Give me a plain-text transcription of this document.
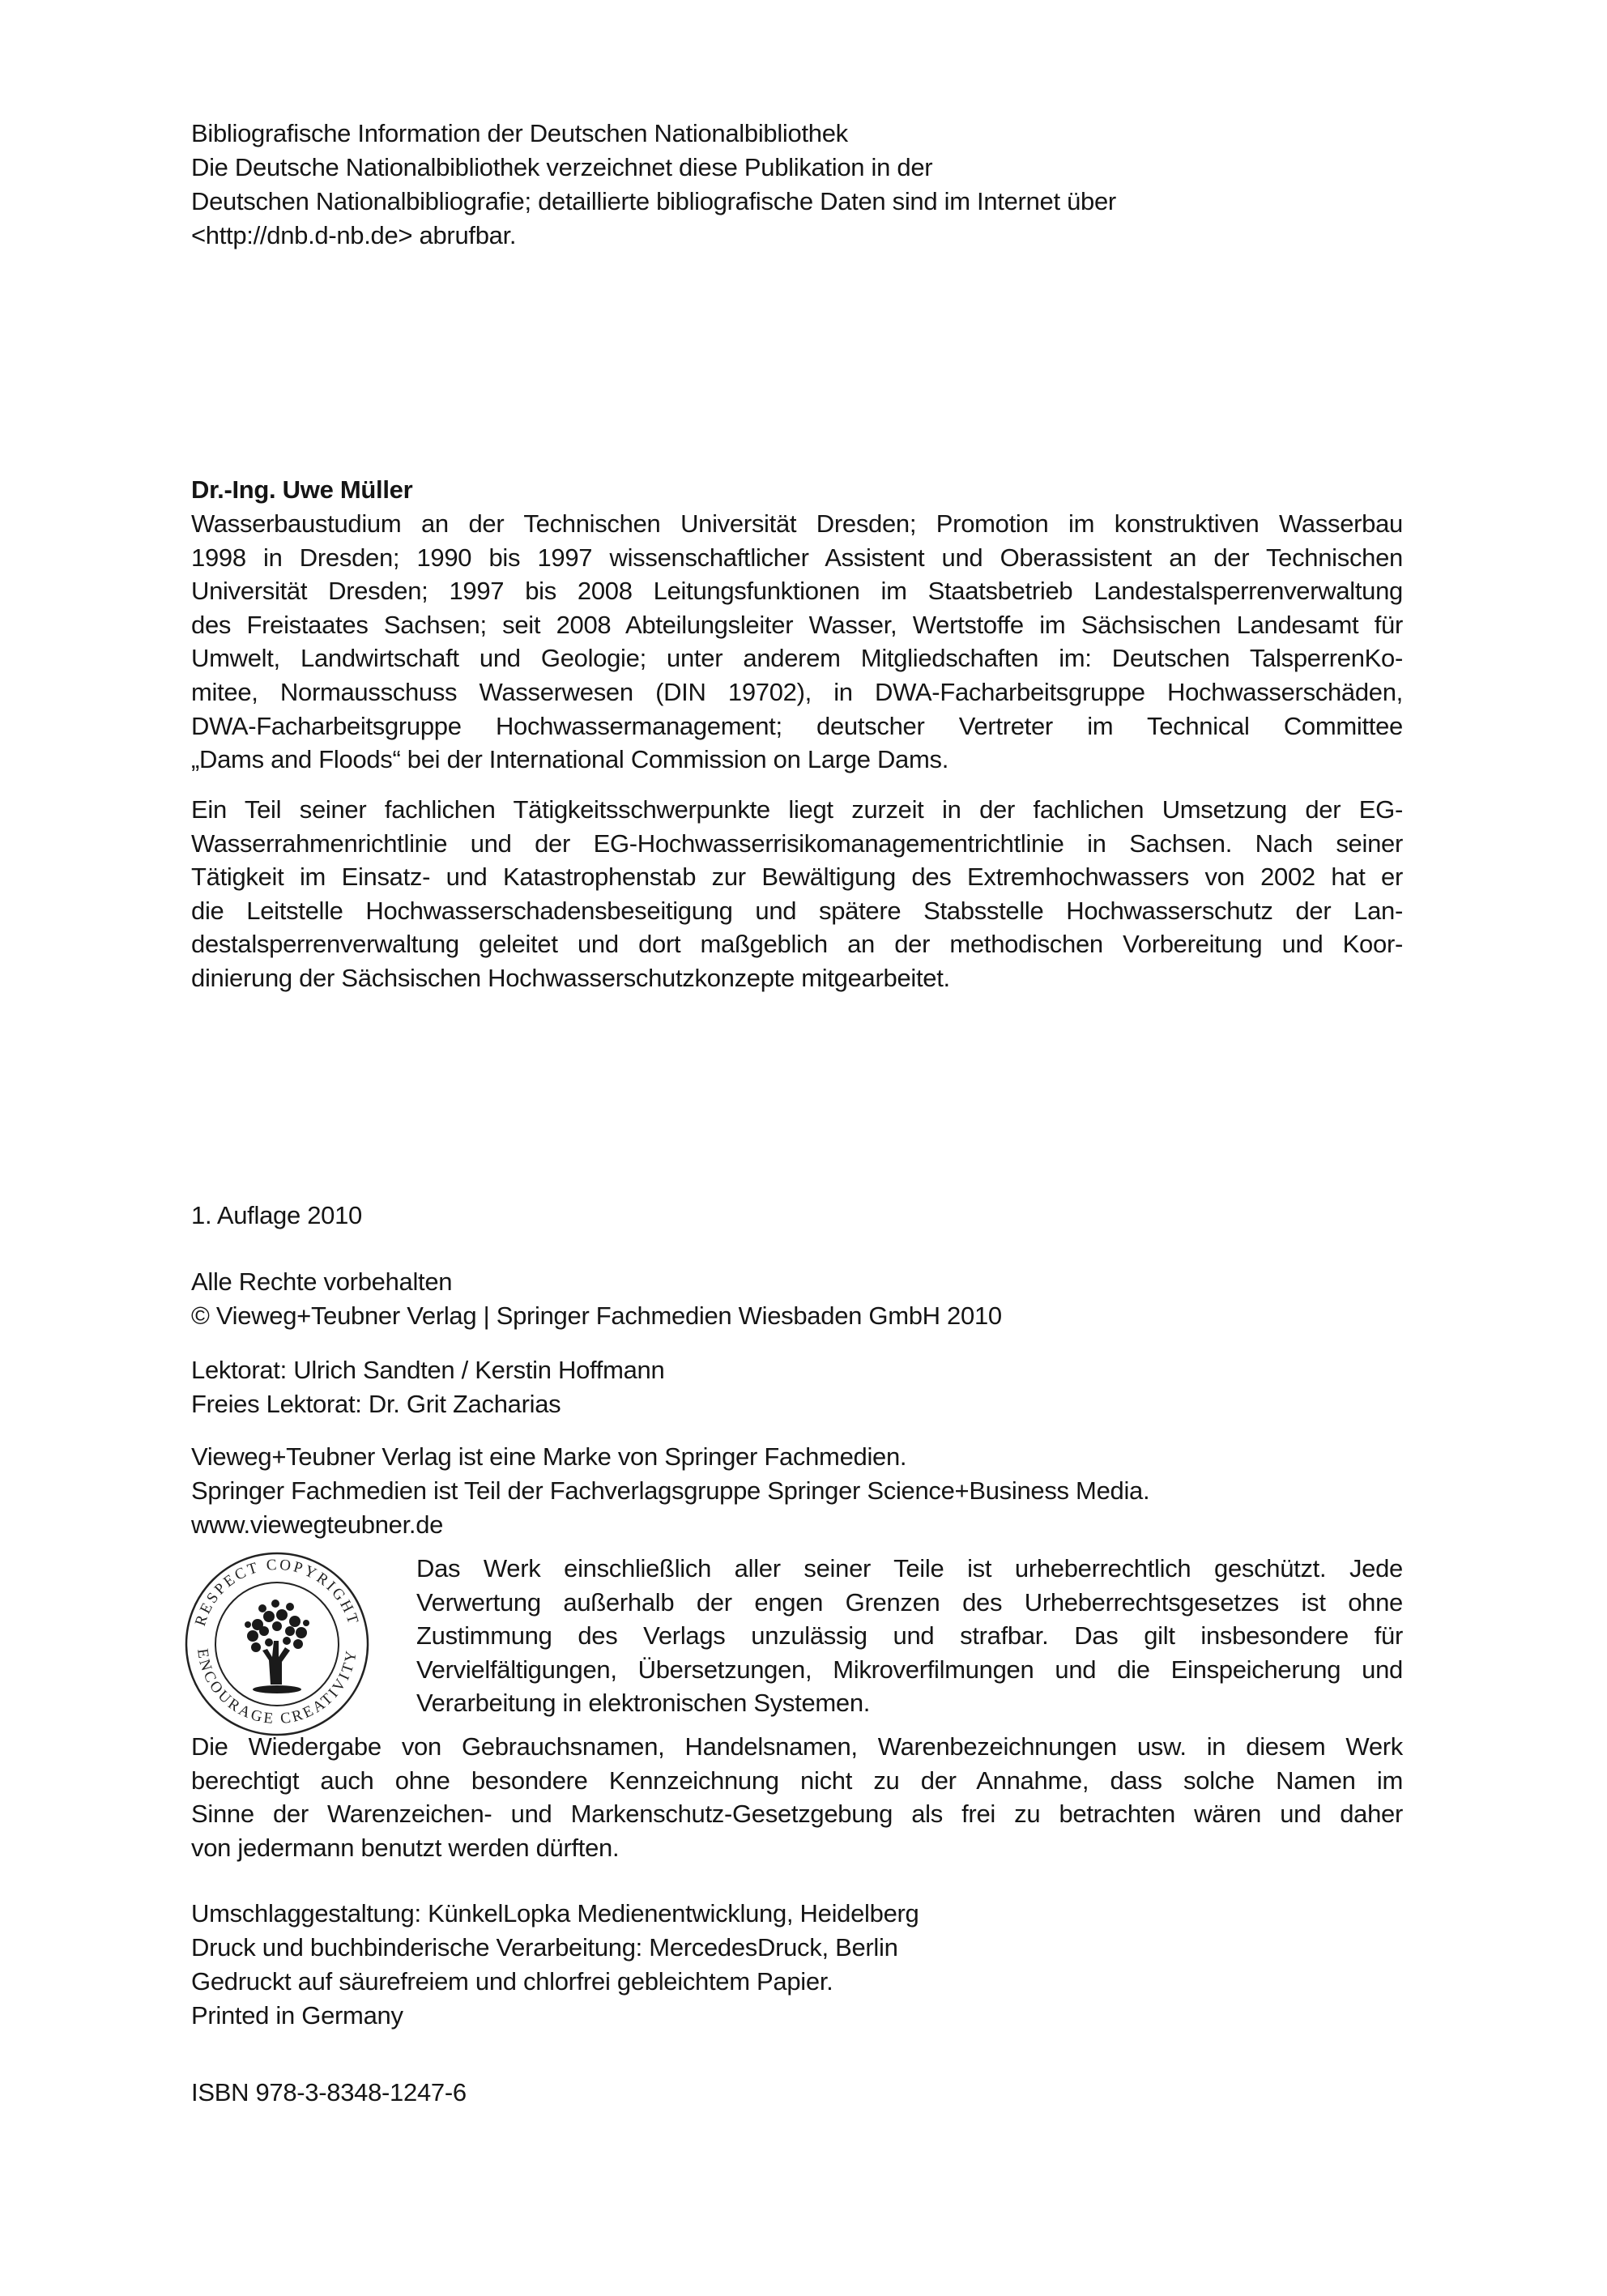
Bibliografische Information der Deutschen Nationalbibliothek
Die Deutsche Nationalbibliothek verzeichnet diese Publikation in der
Deutschen Nationalbibliografie; detaillierte bibliografische Daten sind im Internet über
<http://dnb.d-nb.de> abrufbar.
Dr.-Ing. Uwe Müller
Wasserbaustudium an der Technischen Universität Dresden; Promotion im konstruktiven Wasserbau
1998 in Dresden; 1990 bis 1997 wissenschaftlicher Assistent und Oberassistent an der Technischen
Universität Dresden; 1997 bis 2008 Leitungsfunktionen im Staatsbetrieb Landestalsperrenverwaltung
des Freistaates Sachsen; seit 2008 Abteilungsleiter Wasser, Wertstoffe im Sächsischen Landesamt für
Umwelt, Landwirtschaft und Geologie; unter anderem Mitgliedschaften im: Deutschen TalsperrenKo-
mitee, Normausschuss Wasserwesen (DIN 19702), in DWA-Facharbeitsgruppe Hochwasserschäden,
DWA-Facharbeitsgruppe Hochwassermanagement; deutscher Vertreter im Technical Committee
„Dams and Floods“ bei der International Commission on Large Dams.
Ein Teil seiner fachlichen Tätigkeitsschwerpunkte liegt zurzeit in der fachlichen Umsetzung der EG-
Wasserrahmenrichtlinie und der EG-Hochwasserrisikomanagementrichtlinie in Sachsen. Nach seiner
Tätigkeit im Einsatz- und Katastrophenstab zur Bewältigung des Extremhochwassers von 2002 hat er
die Leitstelle Hochwasserschadensbeseitigung und spätere Stabsstelle Hochwasserschutz der Lan-
destalsperrenverwaltung geleitet und dort maßgeblich an der methodischen Vorbereitung und Koor-
dinierung der Sächsischen Hochwasserschutzkonzepte mitgearbeitet.
1. Auflage 2010
Alle Rechte vorbehalten
© Vieweg+Teubner Verlag | Springer Fachmedien Wiesbaden GmbH 2010
Lektorat: Ulrich Sandten / Kerstin Hoffmann
Freies Lektorat: Dr. Grit Zacharias
Vieweg+Teubner Verlag ist eine Marke von Springer Fachmedien.
Springer Fachmedien ist Teil der Fachverlagsgruppe Springer Science+Business Media.
www.viewegteubner.de
RESPECT COPYRIGHT
ENCOURAGE CREATIVITY
Das Werk einschließlich aller seiner Teile ist urheberrechtlich geschützt. Jede
Verwertung außerhalb der engen Grenzen des Urheberrechtsgesetzes ist ohne
Zustimmung des Verlags unzulässig und strafbar. Das gilt insbesondere für
Vervielfältigungen, Übersetzungen, Mikroverfilmungen und die Einspeicherung und
Verarbeitung in elektronischen Systemen.
Die Wiedergabe von Gebrauchsnamen, Handelsnamen, Warenbezeichnungen usw. in diesem Werk
berechtigt auch ohne besondere Kennzeichnung nicht zu der Annahme, dass solche Namen im
Sinne der Warenzeichen- und Markenschutz-Gesetzgebung als frei zu betrachten wären und daher
von jedermann benutzt werden dürften.
Umschlaggestaltung: KünkelLopka Medienentwicklung, Heidelberg
Druck und buchbinderische Verarbeitung: MercedesDruck, Berlin
Gedruckt auf säurefreiem und chlorfrei gebleichtem Papier.
Printed in Germany
ISBN 978-3-8348-1247-6
